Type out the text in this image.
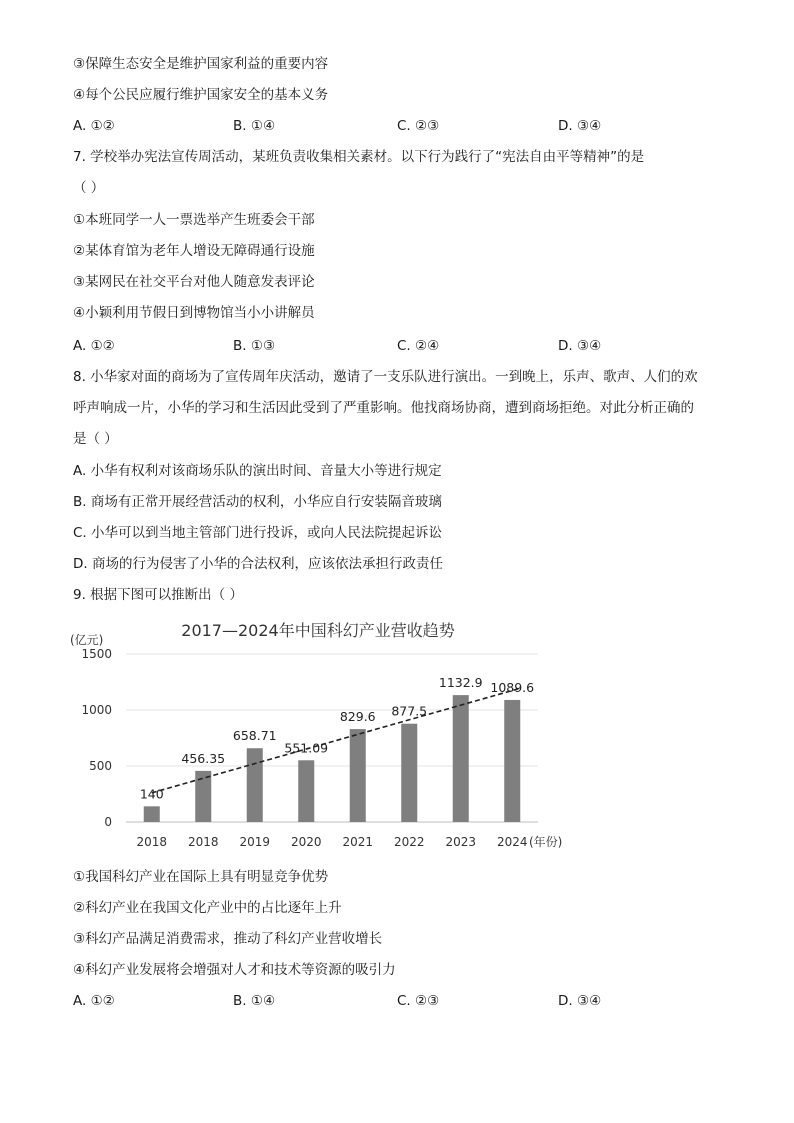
③保障生态安全是维护国家利益的重要内容
④每个公民应履行维护国家安全的基本义务
A. ①②	B. ①④	C. ②③	D. ③④
7. 学校举办宪法宣传周活动，某班负责收集相关素材。以下行为践行了“宪法自由平等精神”的是
（ ）
①本班同学一人一票选举产生班委会干部
②某体育馆为老年人增设无障碍通行设施
③某网民在社交平台对他人随意发表评论
④小颖利用节假日到博物馆当小小讲解员
A. ①②	B. ①③	C. ②④	D. ③④
8. 小华家对面的商场为了宣传周年庆活动，邀请了一支乐队进行演出。一到晚上，乐声、歌声、人们的欢
呼声响成一片，小华的学习和生活因此受到了严重影响。他找商场协商，遭到商场拒绝。对此分析正确的
是（ ）
A. 小华有权利对该商场乐队的演出时间、音量大小等进行规定
B. 商场有正常开展经营活动的权利，小华应自行安装隔音玻璃
C. 小华可以到当地主管部门进行投诉，或向人民法院提起诉讼
D. 商场的行为侵害了小华的合法权利，应该依法承担行政责任
9. 根据下图可以推断出（ ）
2017—2024年中国科幻产业营收趋势
(亿元)
140
456.35
658.71
551.09
829.6 877.5
1132.9 1089.6
0
500
1000
1500
2018 2018 2019 2020 2021 2022 2023 2024 (年份)
①我国科幻产业在国际上具有明显竞争优势
②科幻产业在我国文化产业中的占比逐年上升
③科幻产品满足消费需求，推动了科幻产业营收增长
④科幻产业发展将会增强对人才和技术等资源的吸引力
A. ①②	B. ①④	C. ②③	D. ③④
